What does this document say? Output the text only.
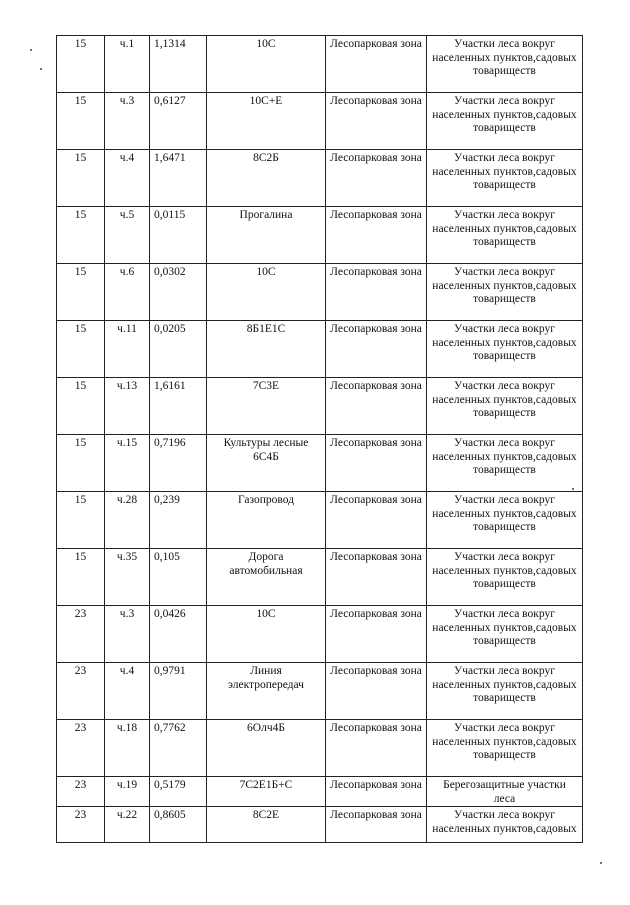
15	ч.1	1,1314	10С	Лесопарковая зона	Участки леса вокруг населенных пунктов,садовых товариществ
15	ч.3	0,6127	10С+Е	Лесопарковая зона	Участки леса вокруг населенных пунктов,садовых товариществ
15	ч.4	1,6471	8С2Б	Лесопарковая зона	Участки леса вокруг населенных пунктов,садовых товариществ
15	ч.5	0,0115	Прогалина	Лесопарковая зона	Участки леса вокруг населенных пунктов,садовых товариществ
15	ч.6	0,0302	10С	Лесопарковая зона	Участки леса вокруг населенных пунктов,садовых товариществ
15	ч.11	0,0205	8Б1Е1С	Лесопарковая зона	Участки леса вокруг населенных пунктов,садовых товариществ
15	ч.13	1,6161	7С3Е	Лесопарковая зона	Участки леса вокруг населенных пунктов,садовых товариществ
15	ч.15	0,7196	Культуры лесные 6С4Б	Лесопарковая зона	Участки леса вокруг населенных пунктов,садовых товариществ
15	ч.28	0,239	Газопровод	Лесопарковая зона	Участки леса вокруг населенных пунктов,садовых товариществ
15	ч.35	0,105	Дорога автомобильная	Лесопарковая зона	Участки леса вокруг населенных пунктов,садовых товариществ
23	ч.3	0,0426	10С	Лесопарковая зона	Участки леса вокруг населенных пунктов,садовых товариществ
23	ч.4	0,9791	Линия электропередач	Лесопарковая зона	Участки леса вокруг населенных пунктов,садовых товариществ
23	ч.18	0,7762	6Олч4Б	Лесопарковая зона	Участки леса вокруг населенных пунктов,садовых товариществ
23	ч.19	0,5179	7С2Е1Б+С	Лесопарковая зона	Берегозащитные участки леса
23	ч.22	0,8605	8С2Е	Лесопарковая зона	Участки леса вокруг населенных пунктов,садовых
